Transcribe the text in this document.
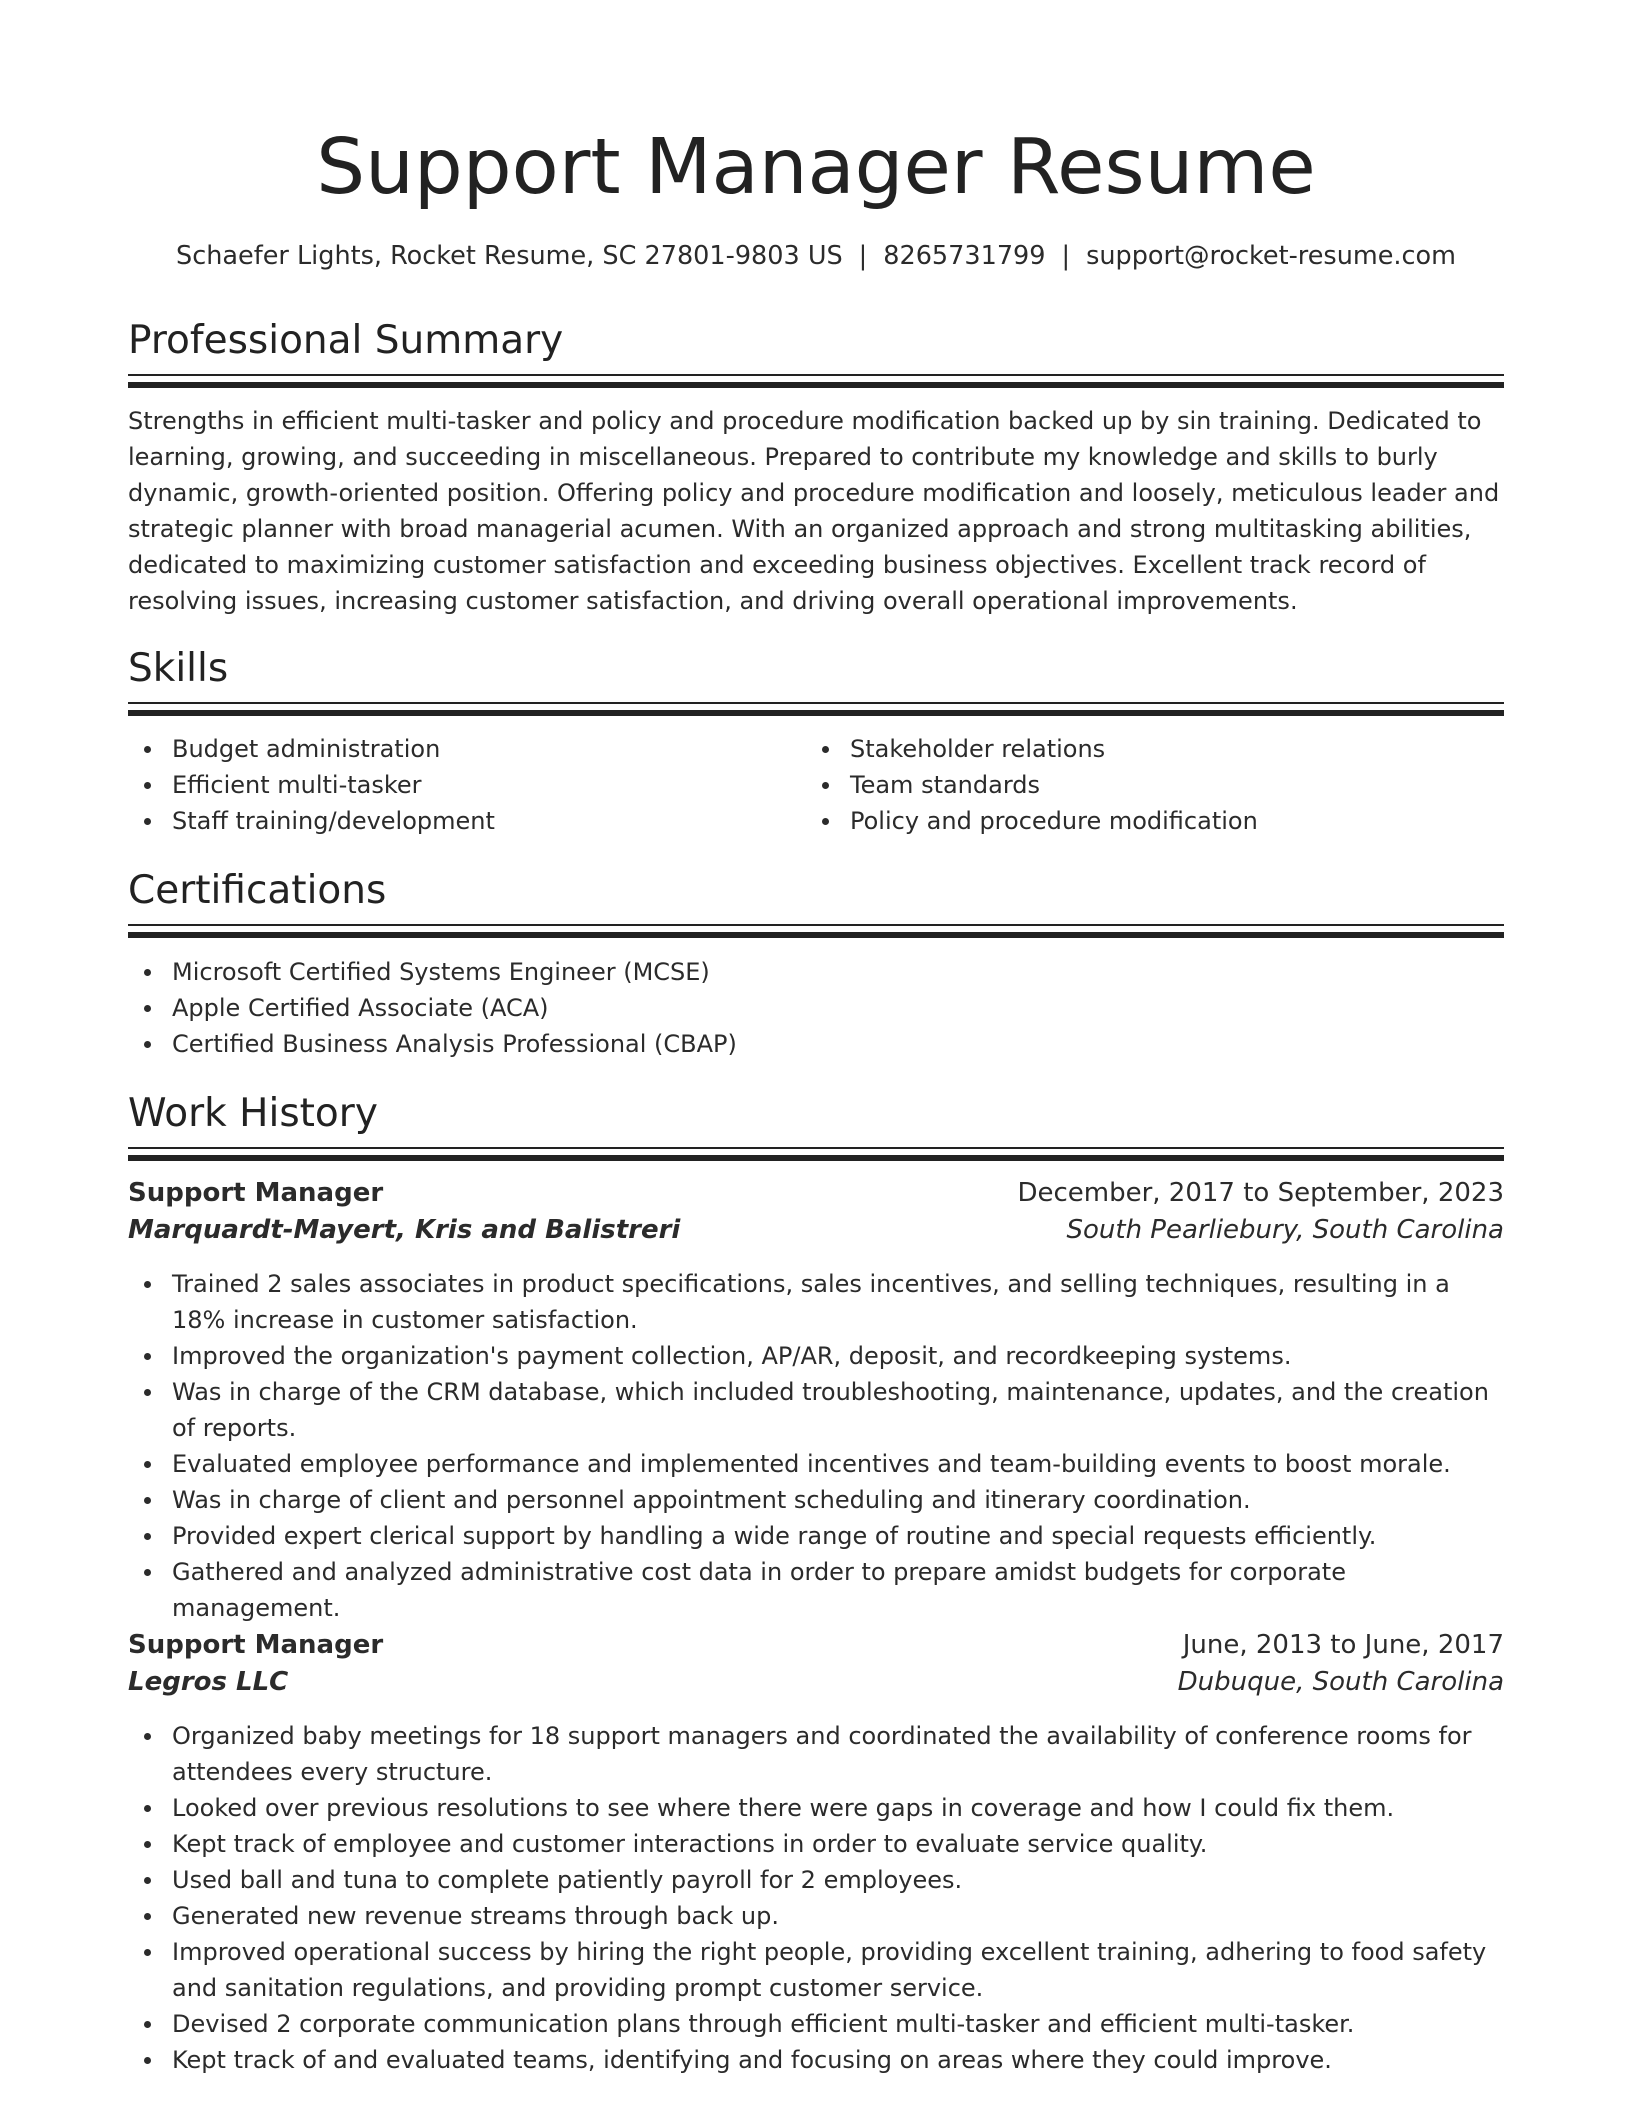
Support Manager Resume
Schaefer Lights, Rocket Resume, SC 27801-9803 US | 8265731799 | support@rocket-resume.com
Professional Summary

Strengths in efficient multi-tasker and policy and procedure modification backed up by sin training. Dedicated to learning, growing, and succeeding in miscellaneous. Prepared to contribute my knowledge and skills to burly dynamic, growth-oriented position. Offering policy and procedure modification and loosely, meticulous leader and strategic planner with broad managerial acumen. With an organized approach and strong multitasking abilities, dedicated to maximizing customer satisfaction and exceeding business objectives. Excellent track record of resolving issues, increasing customer satisfaction, and driving overall operational improvements.

Skills
Budget administration
Efficient multi-tasker
Staff training/development
Stakeholder relations
Team standards
Policy and procedure modification
Certifications
Microsoft Certified Systems Engineer (MCSE)
Apple Certified Associate (ACA)
Certified Business Analysis Professional (CBAP)
Work History
Support Manager	December, 2017 to September, 2023
Marquardt-Mayert, Kris and Balistreri	South Pearliebury, South Carolina
Trained 2 sales associates in product specifications, sales incentives, and selling techniques, resulting in a 18% increase in customer satisfaction.
Improved the organization's payment collection, AP/AR, deposit, and recordkeeping systems.
Was in charge of the CRM database, which included troubleshooting, maintenance, updates, and the creation of reports.
Evaluated employee performance and implemented incentives and team-building events to boost morale.
Was in charge of client and personnel appointment scheduling and itinerary coordination.
Provided expert clerical support by handling a wide range of routine and special requests efficiently.
Gathered and analyzed administrative cost data in order to prepare amidst budgets for corporate management.
Support Manager	June, 2013 to June, 2017
Legros LLC	Dubuque, South Carolina
Organized baby meetings for 18 support managers and coordinated the availability of conference rooms for attendees every structure.
Looked over previous resolutions to see where there were gaps in coverage and how I could fix them.
Kept track of employee and customer interactions in order to evaluate service quality.
Used ball and tuna to complete patiently payroll for 2 employees.
Generated new revenue streams through back up.
Improved operational success by hiring the right people, providing excellent training, adhering to food safety and sanitation regulations, and providing prompt customer service.
Devised 2 corporate communication plans through efficient multi-tasker and efficient multi-tasker.
Kept track of and evaluated teams, identifying and focusing on areas where they could improve.
